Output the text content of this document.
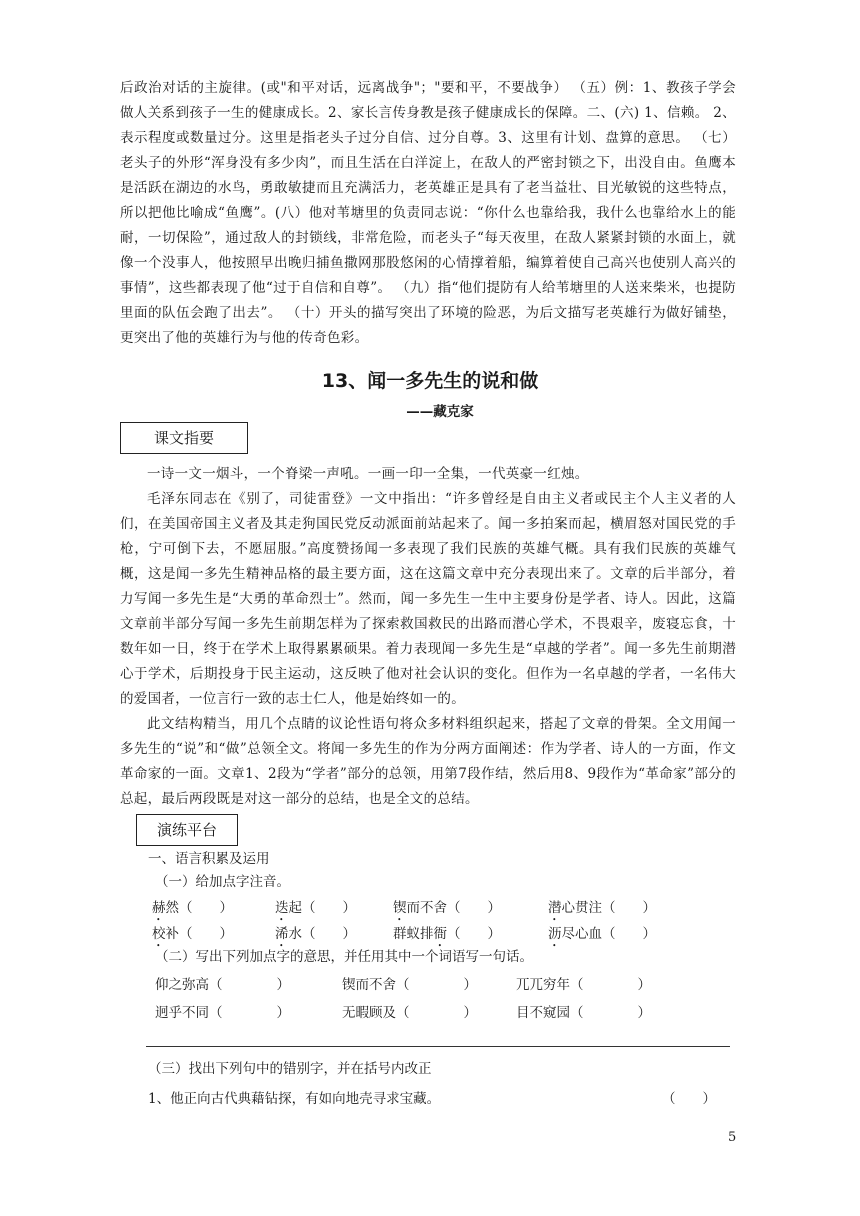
后政治对话的主旋律。(或"和平对话，远离战争"；"要和平，不要战争） （五）例：1、教孩子学会做人关系到孩子一生的健康成长。2、家长言传身教是孩子健康成长的保障。二、(六) 1、信赖。 2、表示程度或数量过分。这里是指老头子过分自信、过分自尊。3、这里有计划、盘算的意思。 （七）老头子的外形“浑身没有多少肉”，而且生活在白洋淀上，在敌人的严密封锁之下，出没自由。鱼鹰本是活跃在湖边的水鸟，勇敢敏捷而且充满活力，老英雄正是具有了老当益壮、目光敏锐的这些特点，所以把他比喻成“鱼鹰”。(八）他对苇塘里的负责同志说：“你什么也靠给我，我什么也靠给水上的能耐，一切保险”，通过敌人的封锁线，非常危险，而老头子“每天夜里，在敌人紧紧封锁的水面上，就像一个没事人，他按照早出晚归捕鱼撒网那股悠闲的心情撑着船，编算着使自己高兴也使别人高兴的事情”，这些都表现了他“过于自信和自尊”。 （九）指“他们提防有人给苇塘里的人送来柴米，也提防里面的队伍会跑了出去”。 （十）开头的描写突出了环境的险恶，为后文描写老英雄行为做好铺垫，更突出了他的英雄行为与他的传奇色彩。
13、闻一多先生的说和做
——藏克家
课文指要
一诗一文一烟斗，一个脊梁一声吼。一画一印一全集，一代英豪一红烛。
毛泽东同志在《别了，司徒雷登》一文中指出：“许多曾经是自由主义者或民主个人主义者的人们，在美国帝国主义者及其走狗国民党反动派面前站起来了。闻一多拍案而起，横眉怒对国民党的手枪，宁可倒下去，不愿屈服。”高度赞扬闻一多表现了我们民族的英雄气概。具有我们民族的英雄气概，这是闻一多先生精神品格的最主要方面，这在这篇文章中充分表现出来了。文章的后半部分，着力写闻一多先生是“大勇的革命烈士”。然而，闻一多先生一生中主要身份是学者、诗人。因此，这篇文章前半部分写闻一多先生前期怎样为了探索救国救民的出路而潜心学术，不畏艰辛，废寝忘食，十数年如一日，终于在学术上取得累累硕果。着力表现闻一多先生是“卓越的学者”。闻一多先生前期潜心于学术，后期投身于民主运动，这反映了他对社会认识的变化。但作为一名卓越的学者，一名伟大的爱国者，一位言行一致的志士仁人，他是始终如一的。
此文结构精当，用几个点睛的议论性语句将众多材料组织起来，搭起了文章的骨架。全文用闻一多先生的“说”和“做”总领全文。将闻一多先生的作为分两方面阐述：作为学者、诗人的一方面，作文革命家的一面。文章1、2段为“学者”部分的总领，用第7段作结，然后用8、9段作为“革命家”部分的总起，最后两段既是对这一部分的总结，也是全文的总结。
演练平台
一、语言积累及运用
（一）给加点字注音。
赫然（　　）	迭起（　　）	锲而不舍（　　）	潜心贯注（　　）
校补（　　）	浠水（　　）	群蚁排衙（　　）	沥尽心血（　　）
（二）写出下列加点字的意思，并任用其中一个词语写一句话。
仰之弥高（　　　　）	锲而不舍（　　　　）	兀兀穷年（　　　　）
迥乎不同（　　　　）	无暇顾及（　　　　）	目不窥园（　　　　）
（三）找出下列句中的错别字，并在括号内改正
1、他正向古代典藉钻探，有如向地壳寻求宝藏。	（　　）
5
